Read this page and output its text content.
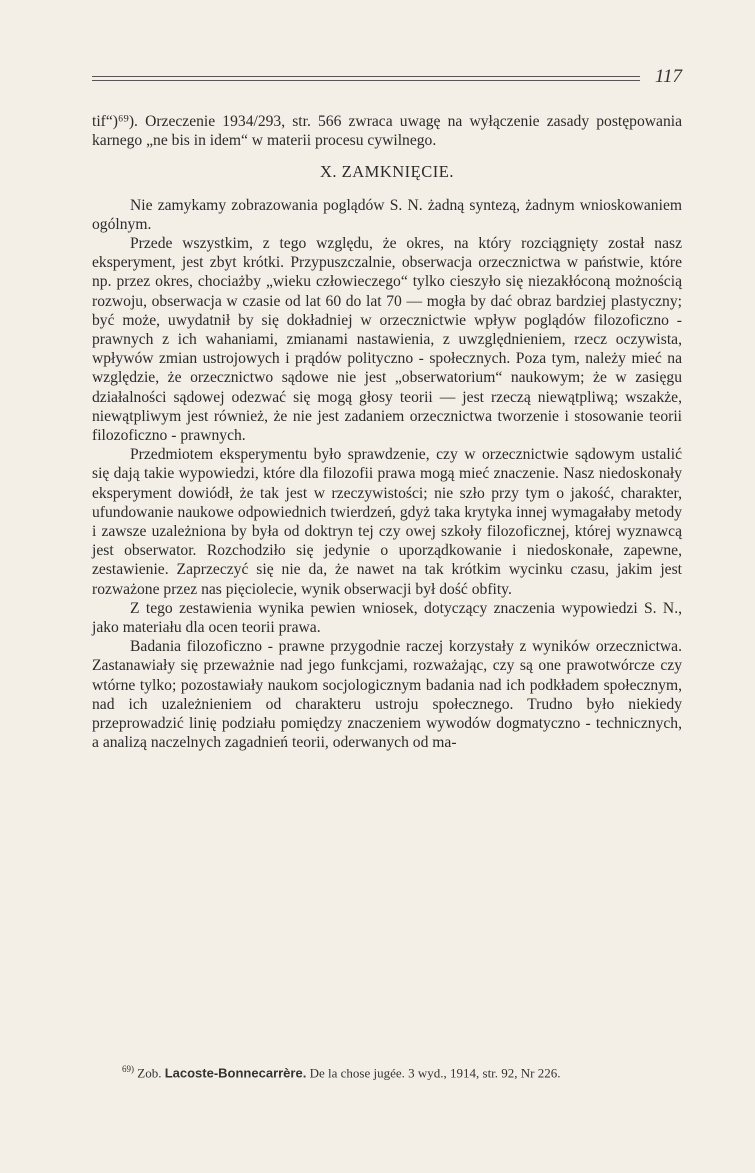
117

tif“)⁶⁹). Orzeczenie 1934/293, str. 566 zwraca uwagę na wyłączenie zasady postępowania karnego „ne bis in idem“ w materii procesu cywilnego.

X. ZAMKNIĘCIE.

Nie zamykamy zobrazowania poglądów S. N. żadną syntezą, żadnym wnioskowaniem ogólnym.

Przede wszystkim, z tego względu, że okres, na który rozciągnięty został nasz eksperyment, jest zbyt krótki. Przypuszczalnie, obserwacja orzecznictwa w państwie, które np. przez okres, chociażby „wieku człowieczego“ tylko cieszyło się niezakłóconą możnością rozwoju, obserwacja w czasie od lat 60 do lat 70 — mogła by dać obraz bardziej plastyczny; być może, uwydatnił by się dokładniej w orzecznictwie wpływ poglądów filozoficzno - prawnych z ich wahaniami, zmianami nastawienia, z uwzględnieniem, rzecz oczywista, wpływów zmian ustrojowych i prądów polityczno - społecznych. Poza tym, należy mieć na względzie, że orzecznictwo sądowe nie jest „obserwatorium“ naukowym; że w zasięgu działalności sądowej odezwać się mogą głosy teorii — jest rzeczą niewątpliwą; wszakże, niewątpliwym jest również, że nie jest zadaniem orzecznictwa tworzenie i stosowanie teorii filozoficzno - prawnych.

Przedmiotem eksperymentu było sprawdzenie, czy w orzecznictwie sądowym ustalić się dają takie wypowiedzi, które dla filozofii prawa mogą mieć znaczenie. Nasz niedoskonały eksperyment dowiódł, że tak jest w rzeczywistości; nie szło przy tym o jakość, charakter, ufundowanie naukowe odpowiednich twierdzeń, gdyż taka krytyka innej wymagałaby metody i zawsze uzależniona by była od doktryn tej czy owej szkoły filozoficznej, której wyznawcą jest obserwator. Rozchodziło się jedynie o uporządkowanie i niedoskonałe, zapewne, zestawienie. Zaprzeczyć się nie da, że nawet na tak krótkim wycinku czasu, jakim jest rozważone przez nas pięciolecie, wynik obserwacji był dość obfity.

Z tego zestawienia wynika pewien wniosek, dotyczący znaczenia wypowiedzi S. N., jako materiału dla ocen teorii prawa.

Badania filozoficzno - prawne przygodnie raczej korzystały z wyników orzecznictwa. Zastanawiały się przeważnie nad jego funkcjami, rozważając, czy są one prawotwórcze czy wtórne tylko; pozostawiały naukom socjologicznym badania nad ich podkładem społecznym, nad ich uzależnieniem od charakteru ustroju społecznego. Trudno było niekiedy przeprowadzić linię podziału pomiędzy znaczeniem wywodów dogmatyczno - technicznych, a analizą naczelnych zagadnień teorii, oderwanych od ma-

$^{69)}$ Zob. Lacoste-Bonnecarrère. De la chose jugée. 3 wyd., 1914, str. 92, Nr 226.
